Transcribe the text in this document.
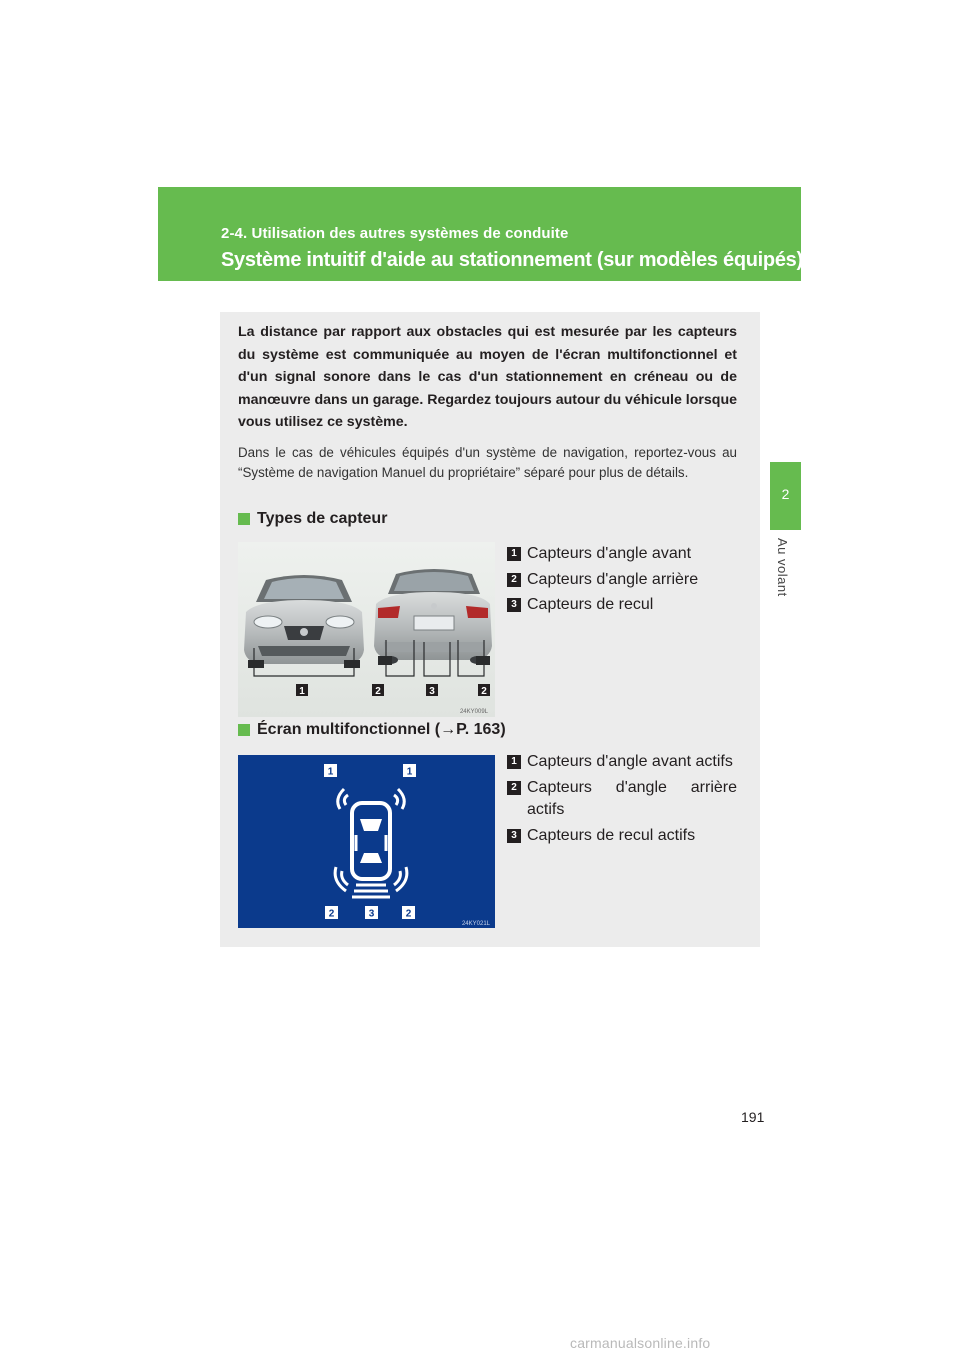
2-4. Utilisation des autres systèmes de conduite
Système intuitif d'aide au stationnement (sur modèles équipés)
2
Au volant

La distance par rapport aux obstacles qui est mesurée par les capteurs du système est communiquée au moyen de l'écran multifonctionnel et d'un signal sonore dans le cas d'un stationnement en créneau ou de manœuvre dans un garage. Regardez toujours autour du véhicule lorsque vous utilisez ce système.

Dans le cas de véhicules équipés d'un système de navigation, reportez-vous au “Système de navigation Manuel du propriétaire” séparé pour plus de détails.

Types de capteur
1	2	3	2
24KY009L
1 Capteurs d'angle avant
2 Capteurs d'angle arrière
3 Capteurs de recul
Écran multifonctionnel (→P. 163)
1	1
2	3	2
24KY021L
1 Capteurs d'angle avant actifs
2 Capteurs d'angle arrière actifs
3 Capteurs de recul actifs
191
carmanualsonline.info
